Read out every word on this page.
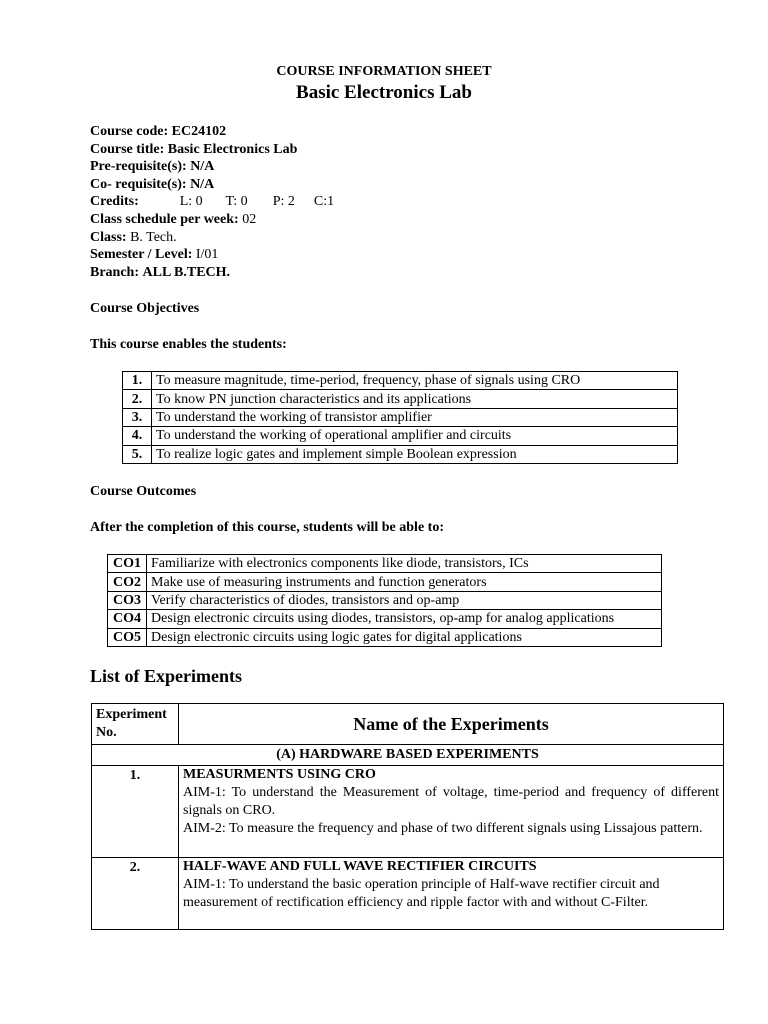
COURSE INFORMATION SHEET
Basic Electronics Lab
Course code: EC24102
Course title: Basic Electronics Lab
Pre-requisite(s): N/A
Co- requisite(s): N/A
Credits:	L: 0 T: 0 P: 2 C:1
Class schedule per week: 02
Class: B. Tech.
Semester / Level: I/01
Branch: ALL B.TECH.
Course Objectives
This course enables the students:
1.	To measure magnitude, time-period, frequency, phase of signals using CRO
2.	To know PN junction characteristics and its applications
3.	To understand the working of transistor amplifier
4.	To understand the working of operational amplifier and circuits
5.	To realize logic gates and implement simple Boolean expression
Course Outcomes
After the completion of this course, students will be able to:
CO1	Familiarize with electronics components like diode, transistors, ICs
CO2	Make use of measuring instruments and function generators
CO3	Verify characteristics of diodes, transistors and op-amp
CO4	Design electronic circuits using diodes, transistors, op-amp for analog applications
CO5	Design electronic circuits using logic gates for digital applications
List of Experiments
Experiment No.	Name of the Experiments
(A) HARDWARE BASED EXPERIMENTS	
1.	MEASURMENTS USING CRO
AIM-1: To understand the Measurement of voltage, time-period and frequency of different signals on CRO.
AIM-2: To measure the frequency and phase of two different signals using Lissajous pattern.

2.	HALF-WAVE AND FULL WAVE RECTIFIER CIRCUITS
AIM-1: To understand the basic operation principle of Half-wave rectifier circuit and measurement of rectification efficiency and ripple factor with and without C-Filter.
